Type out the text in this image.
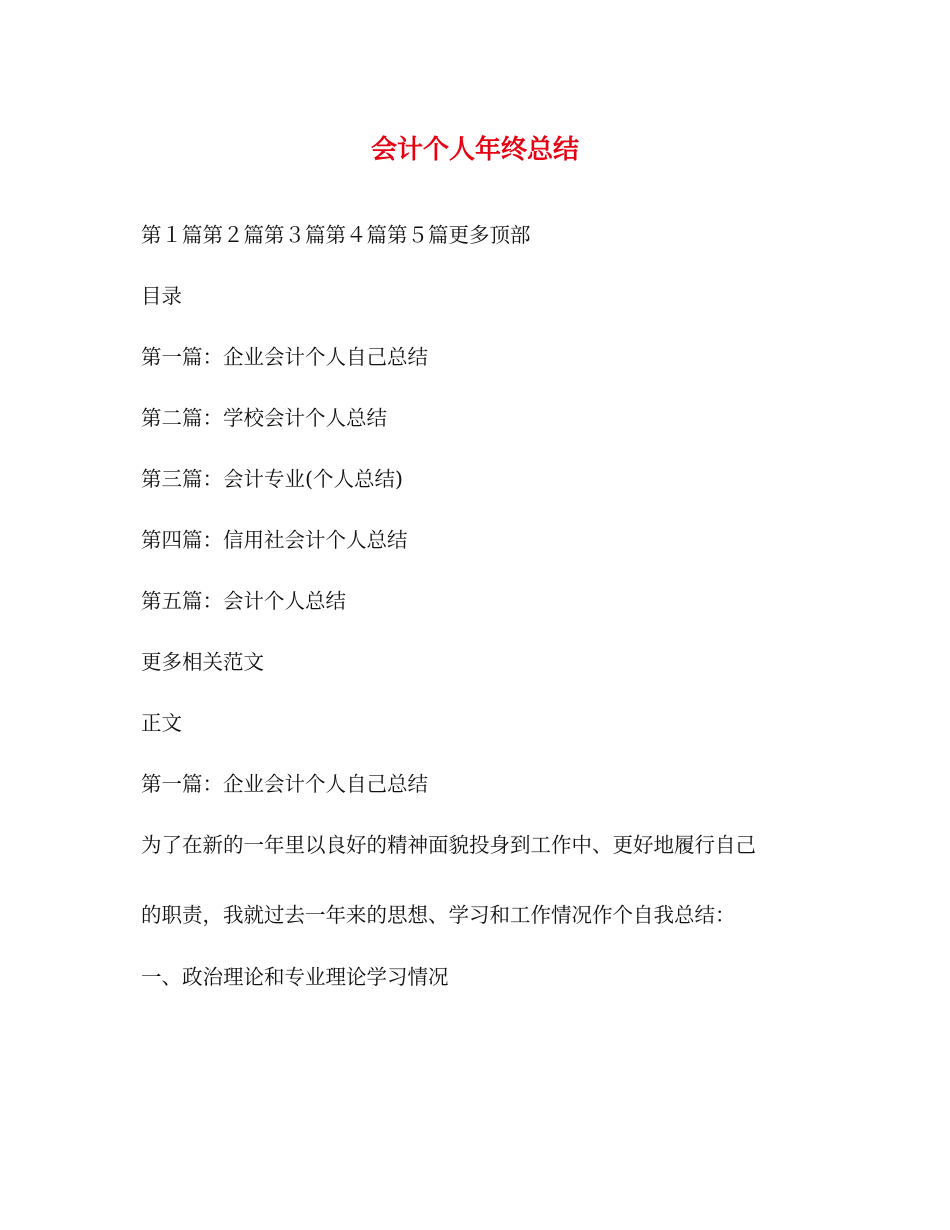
会计个人年终总结
第１篇第２篇第３篇第４篇第５篇更多顶部
目录
第一篇：企业会计个人自己总结
第二篇：学校会计个人总结
第三篇：会计专业(个人总结)
第四篇：信用社会计个人总结
第五篇：会计个人总结
更多相关范文
正文
第一篇：企业会计个人自己总结
为了在新的一年里以良好的精神面貌投身到工作中、更好地履行自己
的职责，我就过去一年来的思想、学习和工作情况作个自我总结：
一、政治理论和专业理论学习情况
